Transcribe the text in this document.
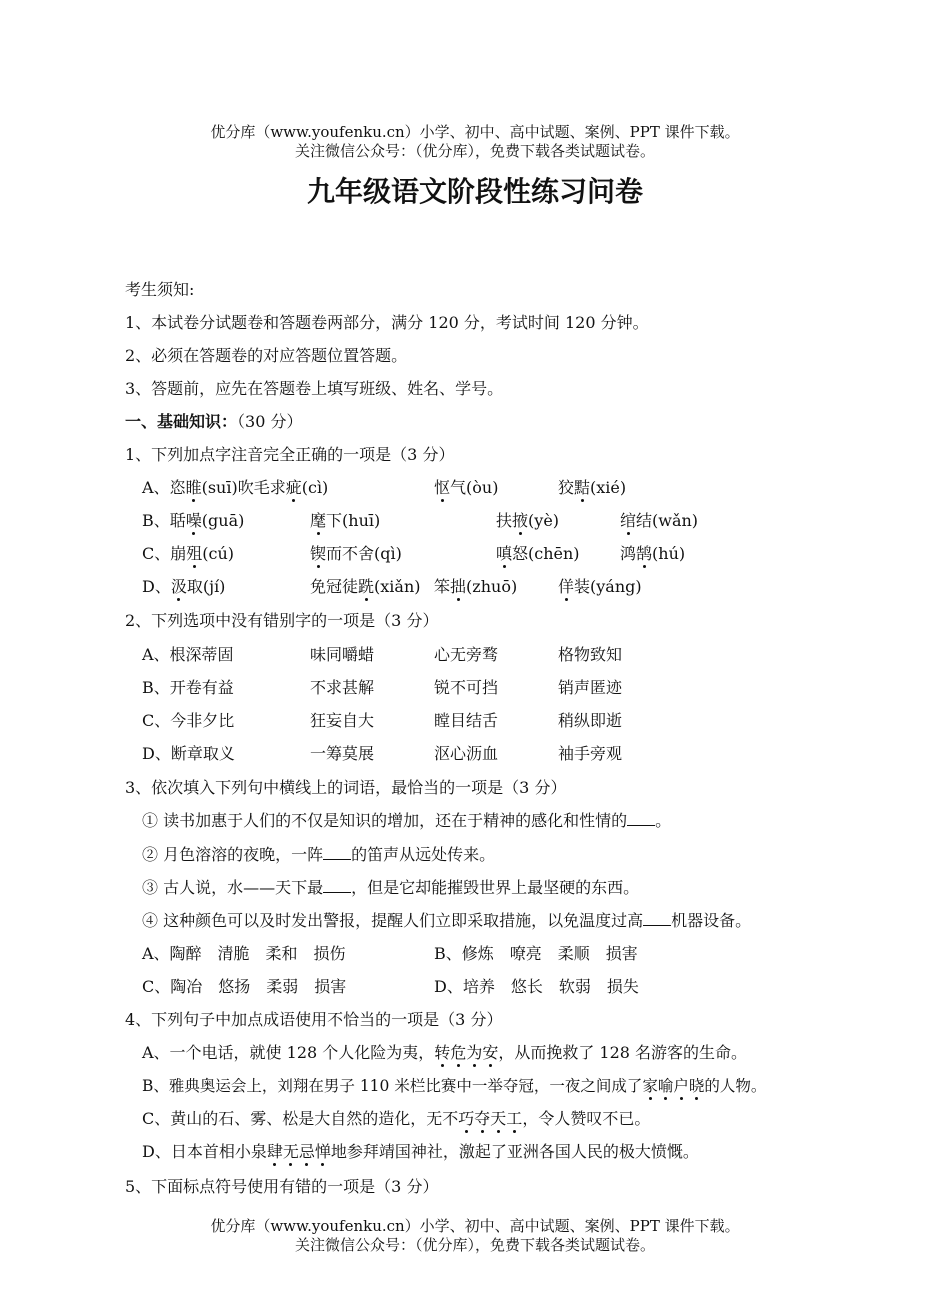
优分库（www.youfenku.cn）小学、初中、高中试题、案例、PPT 课件下载。
关注微信公众号：（优分库），免费下载各类试题试卷。
九年级语文阶段性练习问卷
考生须知:
1、本试卷分试题卷和答题卷两部分，满分 120 分，考试时间 120 分钟。
2、必须在答题卷的对应答题位置答题。
3、答题前，应先在答题卷上填写班级、姓名、学号。
一、基础知识：（30 分）
1、下列加点字注音完全正确的一项是（3 分）
A、恣睢(suī)吹毛求疵(cì)	怄气(òu)	狡黠(xié)
B、聒噪(guā)	麾下(huī)	扶掖(yè)	绾结(wǎn)
C、崩殂(cú)	锲而不舍(qì)	嗔怒(chēn)	鸿鹄(hú)
D、汲取(jí)	免冠徒跣(xiǎn) 笨拙(zhuō)	佯装(yáng)
2、下列选项中没有错别字的一项是（3 分）
A、根深蒂固	味同嚼蜡	心无旁骛	格物致知
B、开卷有益	不求甚解	锐不可挡	销声匿迹
C、今非夕比	狂妄自大	瞠目结舌	稍纵即逝
D、断章取义	一筹莫展	沤心沥血	袖手旁观
3、依次填入下列句中横线上的词语，最恰当的一项是（3 分）
① 读书加惠于人们的不仅是知识的增加，还在于精神的感化和性情的 。
② 月色溶溶的夜晚，一阵 的笛声从远处传来。
③ 古人说，水——天下最 ，但是它却能摧毁世界上最坚硬的东西。
④ 这种颜色可以及时发出警报，提醒人们立即采取措施，以免温度过高 机器设备。
A、陶醉　清脆　柔和　损伤	B、修炼　嘹亮　柔顺　损害
C、陶冶　悠扬　柔弱　损害	D、培养　悠长　软弱　损失
4、下列句子中加点成语使用不恰当的一项是（3 分）
A、一个电话，就使 128 个人化险为夷，转危为安，从而挽救了 128 名游客的生命。
B、雅典奥运会上，刘翔在男子 110 米栏比赛中一举夺冠，一夜之间成了家喻户晓的人物。
C、黄山的石、雾、松是大自然的造化，无不巧夺天工，令人赞叹不已。
D、日本首相小泉肆无忌惮地参拜靖国神社，激起了亚洲各国人民的极大愤慨。
5、下面标点符号使用有错的一项是（3 分）
优分库（www.youfenku.cn）小学、初中、高中试题、案例、PPT 课件下载。
关注微信公众号：（优分库），免费下载各类试题试卷。
